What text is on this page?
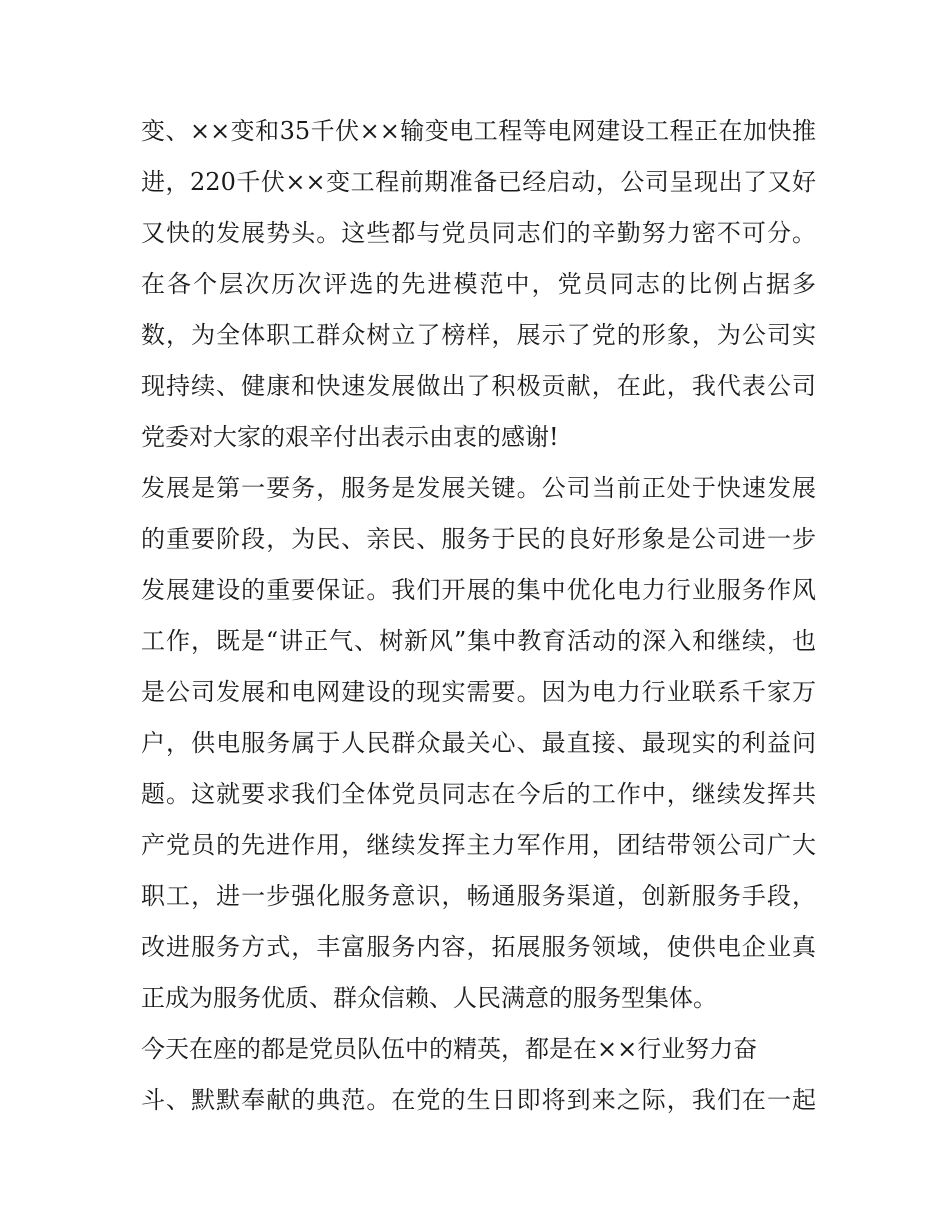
变、××变和35千伏××输变电工程等电网建设工程正在加快推
进，220千伏××变工程前期准备已经启动，公司呈现出了又好
又快的发展势头。这些都与党员同志们的辛勤努力密不可分。
在各个层次历次评选的先进模范中，党员同志的比例占据多
数，为全体职工群众树立了榜样，展示了党的形象，为公司实
现持续、健康和快速发展做出了积极贡献，在此，我代表公司
党委对大家的艰辛付出表示由衷的感谢!
发展是第一要务，服务是发展关键。公司当前正处于快速发展
的重要阶段，为民、亲民、服务于民的良好形象是公司进一步
发展建设的重要保证。我们开展的集中优化电力行业服务作风
工作，既是“讲正气、树新风”集中教育活动的深入和继续，也
是公司发展和电网建设的现实需要。因为电力行业联系千家万
户，供电服务属于人民群众最关心、最直接、最现实的利益问
题。这就要求我们全体党员同志在今后的工作中，继续发挥共
产党员的先进作用，继续发挥主力军作用，团结带领公司广大
职工，进一步强化服务意识，畅通服务渠道，创新服务手段，
改进服务方式，丰富服务内容，拓展服务领域，使供电企业真
正成为服务优质、群众信赖、人民满意的服务型集体。
今天在座的都是党员队伍中的精英，都是在××行业努力奋
斗、默默奉献的典范。在党的生日即将到来之际，我们在一起
